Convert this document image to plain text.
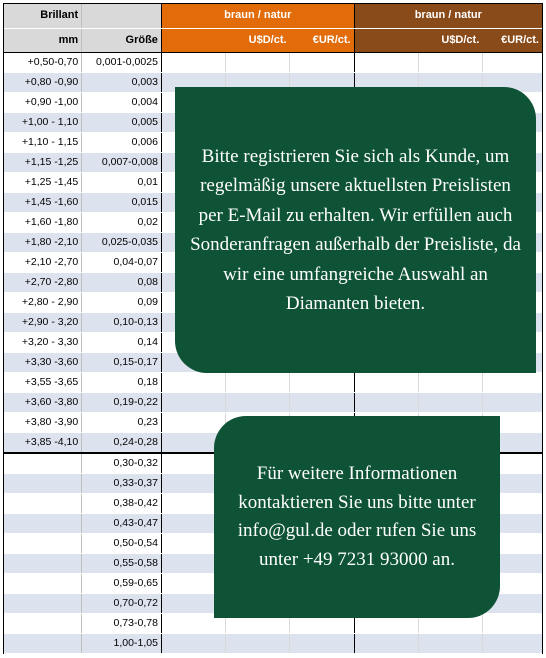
Brillant		braun / natur			braun / natur		
mm	Größe	U$D/ct.		€UR/ct.	U$D/ct.		€UR/ct.
+0,50-0,70	0,001-0,0025						
+0,80 -0,90	0,003						
+0,90 -1,00	0,004						
+1,00 - 1,10	0,005						
+1,10 - 1,15	0,006						
+1,15 -1,25	0,007-0,008						
+1,25 -1,45	0,01						
+1,45 -1,60	0,015						
+1,60 -1,80	0,02						
+1,80 -2,10	0,025-0,035						
+2,10 -2,70	0,04-0,07						
+2,70 -2,80	0,08						
+2,80 - 2,90	0,09						
+2,90 - 3,20	0,10-0,13						
+3,20 - 3,30	0,14						
+3,30 -3,60	0,15-0,17						
+3,55 -3,65	0,18						
+3,60 -3,80	0,19-0,22						
+3,80 -3,90	0,23						
+3,85 -4,10	0,24-0,28						
	0,30-0,32						
	0,33-0,37						
	0,38-0,42						
	0,43-0,47						
	0,50-0,54						
	0,55-0,58						
	0,59-0,65						
	0,70-0,72						
	0,73-0,78						
	1,00-1,05						
Bitte registrieren Sie sich als Kunde, um regelmäßig unsere aktuellsten Preislisten per E-Mail zu erhalten. Wir erfüllen auch Sonderanfragen außerhalb der Preisliste, da wir eine umfangreiche Auswahl an Diamanten bieten.
Für weitere Informationen kontaktieren Sie uns bitte unter info@gul.de oder rufen Sie uns unter +49 7231 93000 an.
